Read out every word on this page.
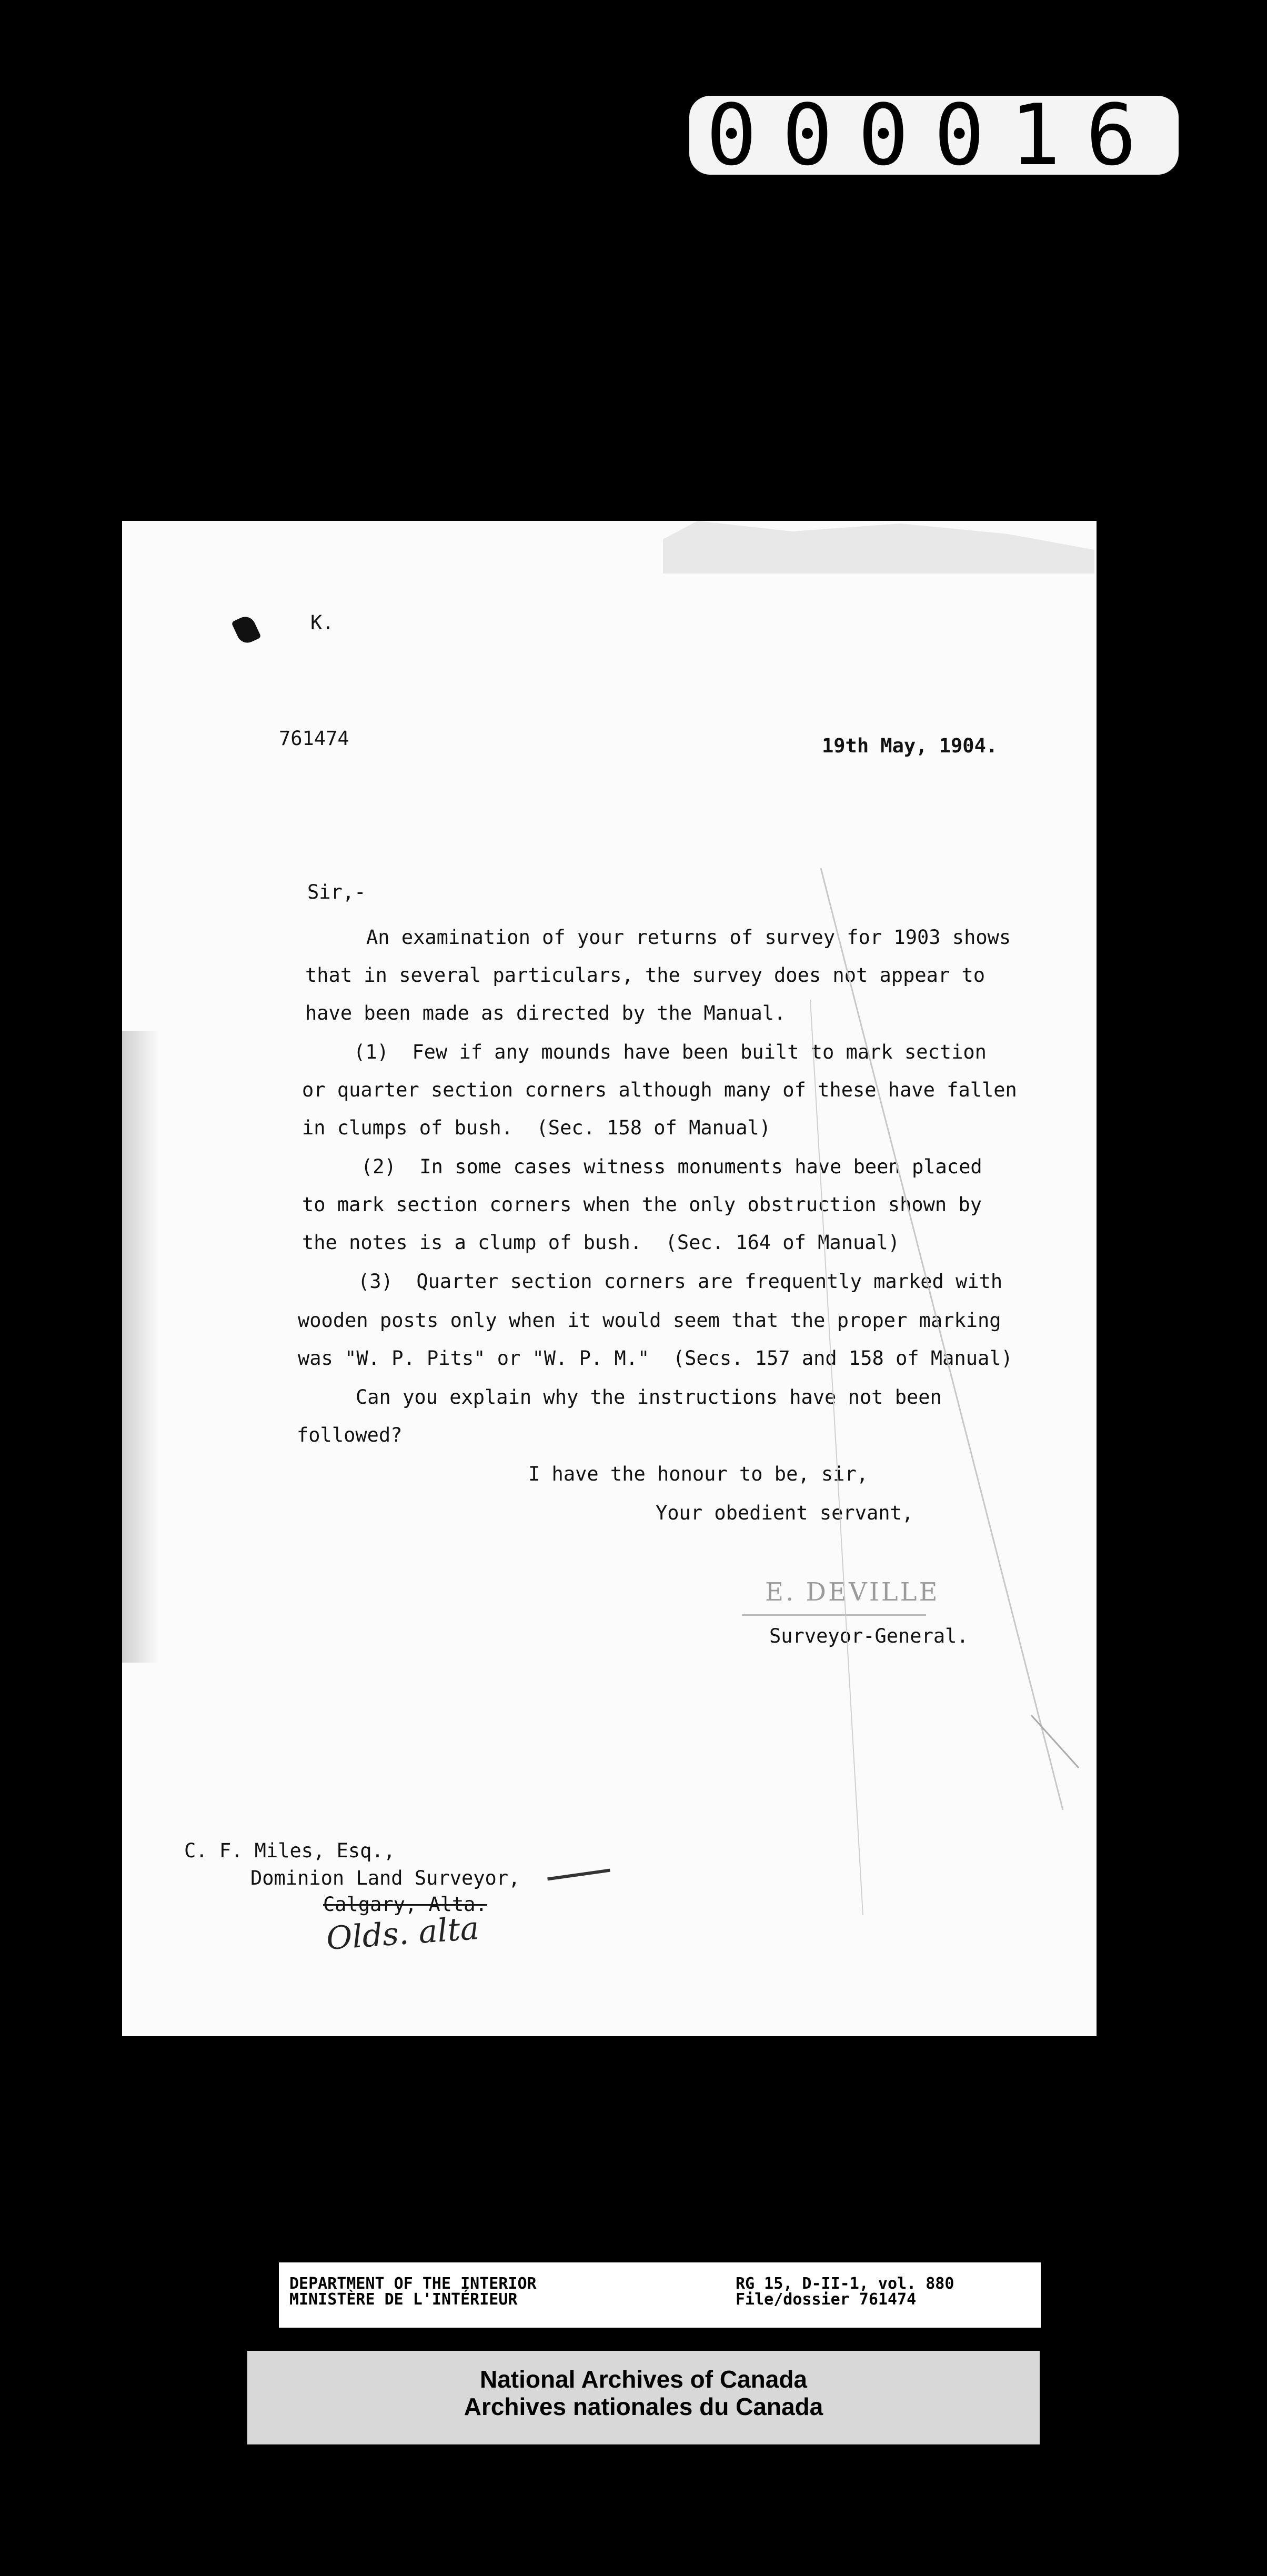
000016
K.
761474	19th May, 1904.
Sir,-
An examination of your returns of survey for 1903 shows
that in several particulars, the survey does not appear to
have been made as directed by the Manual.
(1)  Few if any mounds have been built to mark section
or quarter section corners although many of these have fallen
in clumps of bush.  (Sec. 158 of Manual)
(2)  In some cases witness monuments have been placed
to mark section corners when the only obstruction shown by
the notes is a clump of bush.  (Sec. 164 of Manual)
(3)  Quarter section corners are frequently marked with
wooden posts only when it would seem that the proper marking
was "W. P. Pits" or "W. P. M."  (Secs. 157 and 158 of Manual)
Can you explain why the instructions have not been
followed?
I have the honour to be, sir,
Your obedient servant,
E. DEVILLE
Surveyor-General.
C. F. Miles, Esq.,
Dominion Land Surveyor,
Calgary, Alta.
Olds. alta
DEPARTMENT OF THE INTERIOR
MINISTÈRE DE L'INTÉRIEUR
RG 15, D-II-1, vol. 880
File/dossier 761474
National Archives of Canada
Archives nationales du Canada
